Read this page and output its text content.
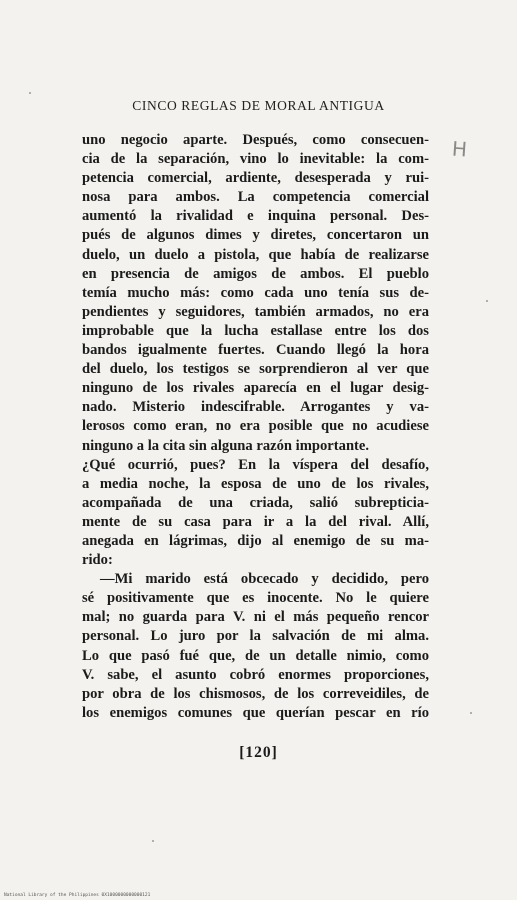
CINCO REGLAS DE MORAL ANTIGUA
H
uno negocio aparte. Después, como consecuen-
cia de la separación, vino lo inevitable: la com-
petencia comercial, ardiente, desesperada y rui-
nosa para ambos. La competencia comercial
aumentó la rivalidad e inquina personal. Des-
pués de algunos dimes y diretes, concertaron un
duelo, un duelo a pistola, que había de realizarse
en presencia de amigos de ambos. El pueblo
temía mucho más: como cada uno tenía sus de-
pendientes y seguidores, también armados, no era
improbable que la lucha estallase entre los dos
bandos igualmente fuertes. Cuando llegó la hora
del duelo, los testigos se sorprendieron al ver que
ninguno de los rivales aparecía en el lugar desig-
nado. Misterio indescifrable. Arrogantes y va-
lerosos como eran, no era posible que no acudiese
ninguno a la cita sin alguna razón importante.
¿Qué ocurrió, pues? En la víspera del desafío,
a media noche, la esposa de uno de los rivales,
acompañada de una criada, salió subrepticia-
mente de su casa para ir a la del rival. Allí,
anegada en lágrimas, dijo al enemigo de su ma-
rido:
—Mi marido está obcecado y decidido, pero
sé positivamente que es inocente. No le quiere
mal; no guarda para V. ni el más pequeño rencor
personal. Lo juro por la salvación de mi alma.
Lo que pasó fué que, de un detalle nimio, como
V. sabe, el asunto cobró enormes proporciones,
por obra de los chismosos, de los correveidiles, de
los enemigos comunes que querían pescar en río
[120]
National Library of the Philippines 0X1000000000000121
